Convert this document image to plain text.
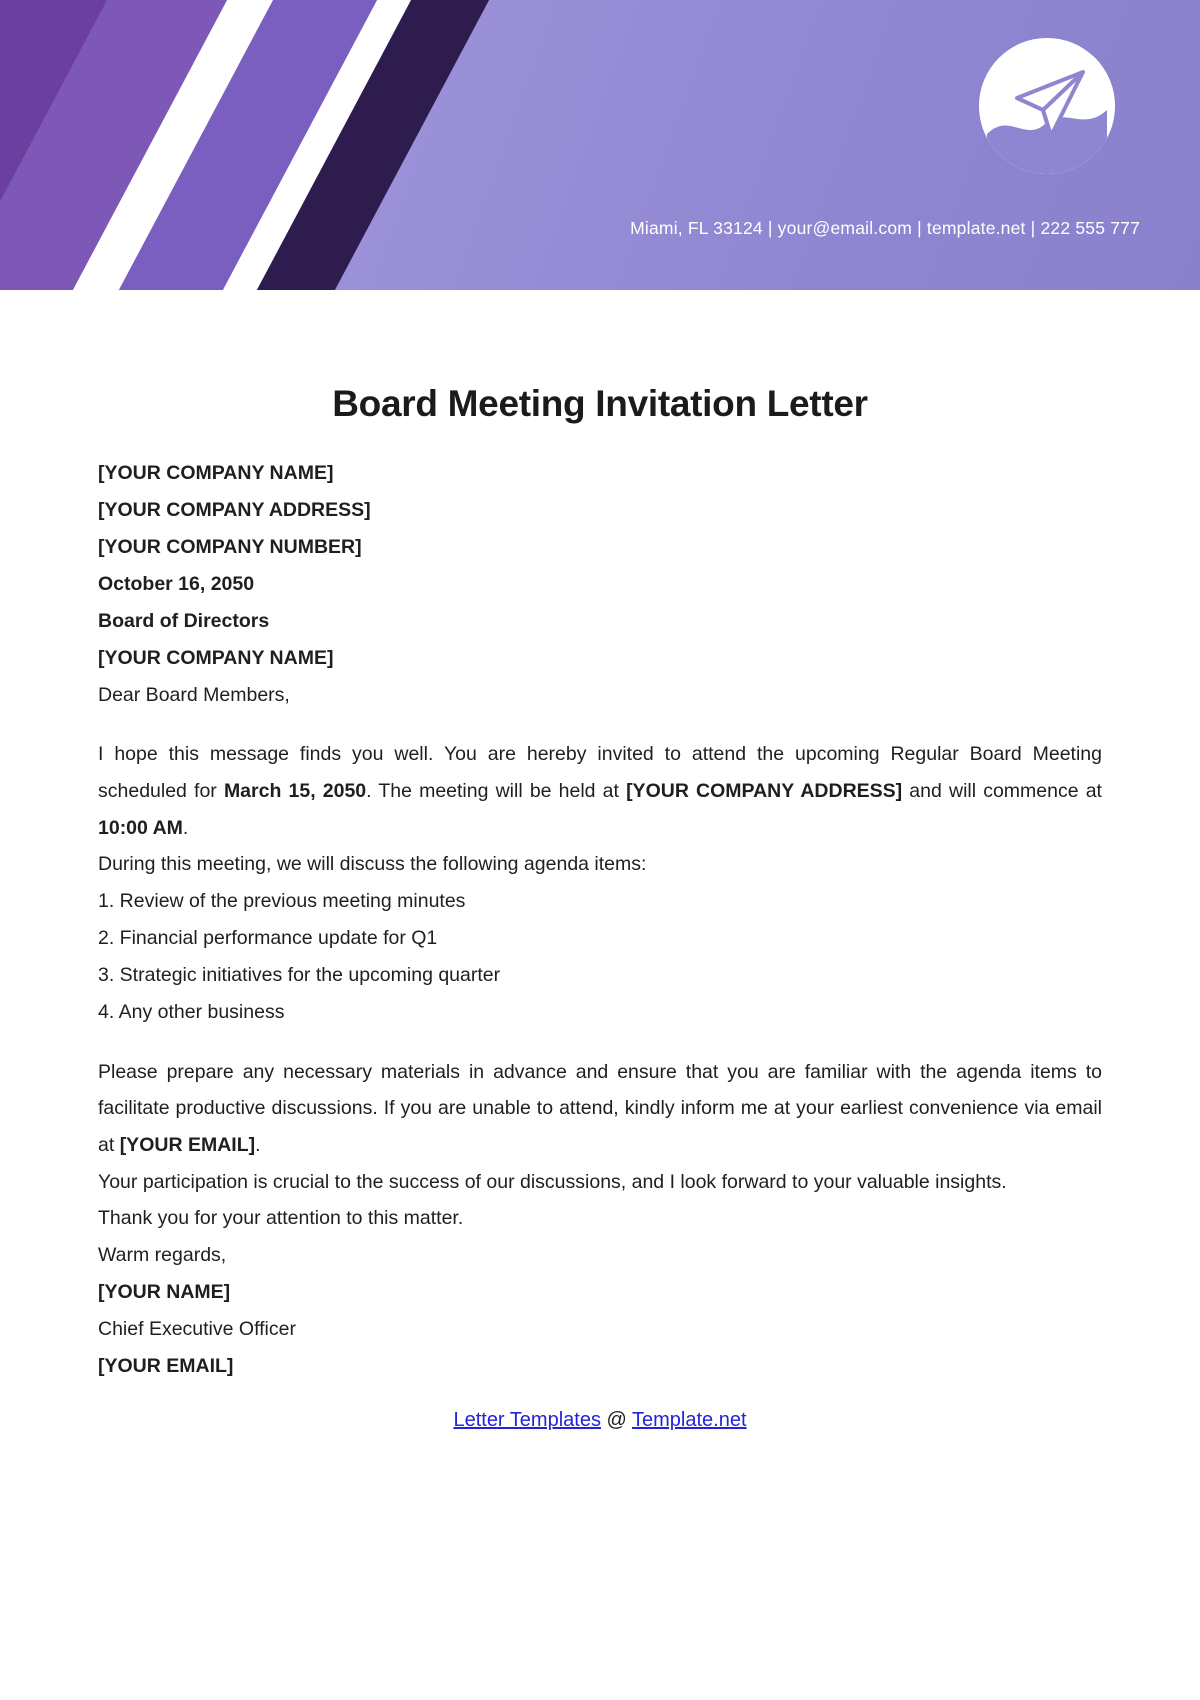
Miami, FL 33124 | your@email.com | template.net | 222 555 777
Board Meeting Invitation Letter

[YOUR COMPANY NAME]

[YOUR COMPANY ADDRESS]

[YOUR COMPANY NUMBER]

October 16, 2050

Board of Directors

[YOUR COMPANY NAME]

Dear Board Members,

I hope this message finds you well. You are hereby invited to attend the upcoming Regular Board Meeting scheduled for March 15, 2050. The meeting will be held at [YOUR COMPANY ADDRESS] and will commence at 10:00 AM.

During this meeting, we will discuss the following agenda items:

1. Review of the previous meeting minutes

2. Financial performance update for Q1

3. Strategic initiatives for the upcoming quarter

4. Any other business

Please prepare any necessary materials in advance and ensure that you are familiar with the agenda items to facilitate productive discussions. If you are unable to attend, kindly inform me at your earliest convenience via email at [YOUR EMAIL].

Your participation is crucial to the success of our discussions, and I look forward to your valuable insights.

Thank you for your attention to this matter.

Warm regards,

[YOUR NAME]

Chief Executive Officer

[YOUR EMAIL]

Letter Templates @ Template.net
